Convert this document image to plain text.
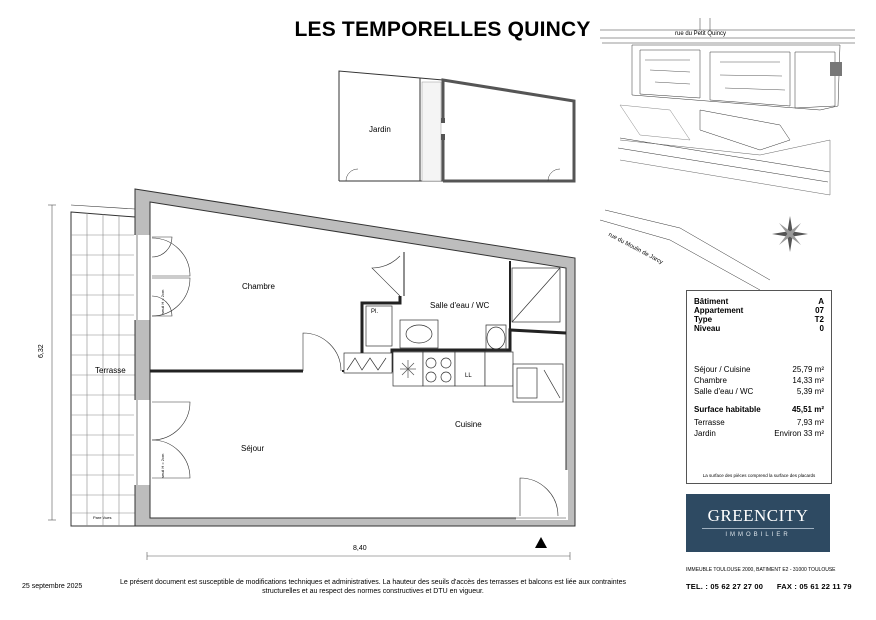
LES TEMPORELLES QUINCY
Chambre
Séjour
Cuisine
Salle d'eau / WC
Jardin
Terrasse
Pl.
LL
6,32
8,40
seuil H = 2cm
seuil H = 2cm
Pare Vues
rue du Petit Quincy
rue du Moulin de Jarcy
Bâtiment	A
Appartement	07
Type	T2
Niveau	0
Séjour / Cuisine	25,79 m²
Chambre	14,33 m²
Salle d'eau / WC	5,39 m²
Surface habitable	45,51 m²
Terrasse	7,93 m²
Jardin	Environ 33 m²
La surface des pièces comprend la surface des placards
GREENCITY
IMMOBILIER
IMMEUBLE TOULOUSE 2000, BATIMENT E2 - 31000 TOULOUSE
TEL. : 05 62 27 27 00      FAX : 05 61 22 11 79
25 septembre 2025
Le présent document est susceptible de modifications techniques et administratives. La hauteur des seuils d'accès des terrasses et balcons est liée aux contraintes structurelles et au respect des normes constructives et DTU en vigueur.
